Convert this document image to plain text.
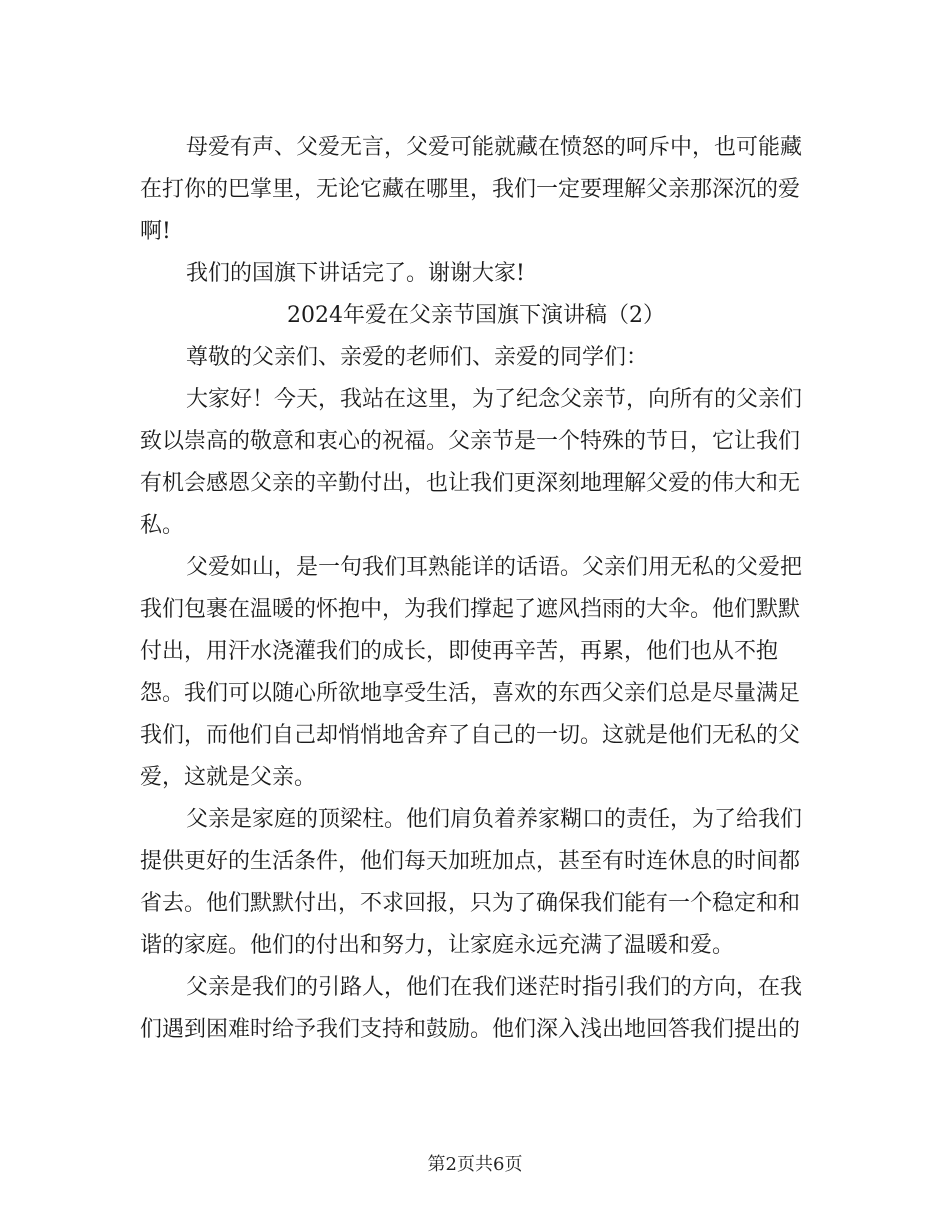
母爱有声、父爱无言，父爱可能就藏在愤怒的呵斥中，也可能藏
在打你的巴掌里，无论它藏在哪里，我们一定要理解父亲那深沉的爱
啊!
我们的国旗下讲话完了。谢谢大家!
2024年爱在父亲节国旗下演讲稿（2）
尊敬的父亲们、亲爱的老师们、亲爱的同学们：
大家好！今天，我站在这里，为了纪念父亲节，向所有的父亲们
致以崇高的敬意和衷心的祝福。父亲节是一个特殊的节日，它让我们
有机会感恩父亲的辛勤付出，也让我们更深刻地理解父爱的伟大和无
私。
父爱如山，是一句我们耳熟能详的话语。父亲们用无私的父爱把
我们包裹在温暖的怀抱中，为我们撑起了遮风挡雨的大伞。他们默默
付出，用汗水浇灌我们的成长，即使再辛苦，再累，他们也从不抱
怨。我们可以随心所欲地享受生活，喜欢的东西父亲们总是尽量满足
我们，而他们自己却悄悄地舍弃了自己的一切。这就是他们无私的父
爱，这就是父亲。
父亲是家庭的顶梁柱。他们肩负着养家糊口的责任，为了给我们
提供更好的生活条件，他们每天加班加点，甚至有时连休息的时间都
省去。他们默默付出，不求回报，只为了确保我们能有一个稳定和和
谐的家庭。他们的付出和努力，让家庭永远充满了温暖和爱。
父亲是我们的引路人，他们在我们迷茫时指引我们的方向，在我
们遇到困难时给予我们支持和鼓励。他们深入浅出地回答我们提出的
第2页共6页
